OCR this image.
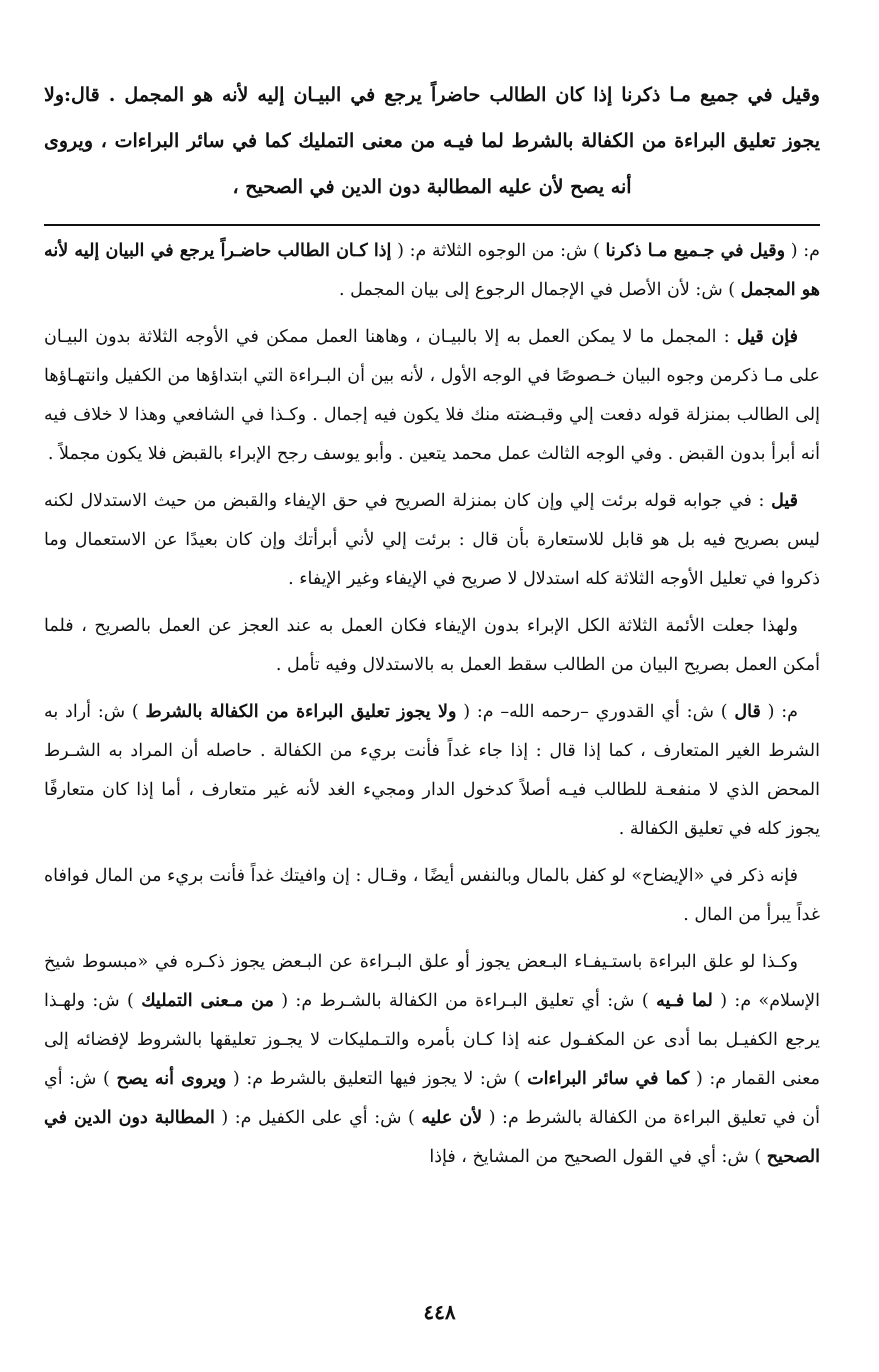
وقيل في جميع مـا ذكرنا إذا كان الطالب حاضراً يرجع في البيـان إليه لأنه هو المجمل . قال:ولا يجوز تعليق البراءة من الكفالة بالشرط لما فيـه من معنى التمليك كما في سائر البراءات ، ويروى أنه يصح لأن عليه المطالبة دون الدين في الصحيح ،

م: ( وقيل في جـميع مـا ذكرنا ) ش: من الوجوه الثلاثة م: ( إذا كـان الطالب حاضـراً يرجع في البيان إليه لأنه هو المجمل ) ش: لأن الأصل في الإجمال الرجوع إلى بيان المجمل .

فإن قيل : المجمل ما لا يمكن العمل به إلا بالبيـان ، وهاهنا العمل ممكن في الأوجه الثلاثة بدون البيـان على مـا ذكرمن وجوه البيان خـصوصًا في الوجه الأول ، لأنه بين أن البـراءة التي ابتداؤها من الكفيل وانتهـاؤها إلى الطالب بمنزلة قوله دفعت إلي وقبـضته منك فلا يكون فيه إجمال . وكـذا في الشافعي وهذا لا خلاف فيه أنه أبرأ بدون القبض . وفي الوجه الثالث عمل محمد يتعين . وأبو يوسف رجح الإبراء بالقبض فلا يكون مجملاً .

قيل : في جوابه قوله برئت إلي وإن كان بمنزلة الصريح في حق الإيفاء والقبض من حيث الاستدلال لكنه ليس بصريح فيه بل هو قابل للاستعارة بأن قال : برئت إلي لأني أبرأتك وإن كان بعيدًا عن الاستعمال وما ذكروا في تعليل الأوجه الثلاثة كله استدلال لا صريح في الإيفاء وغير الإيفاء .

ولهذا جعلت الأئمة الثلاثة الكل الإبراء بدون الإيفاء فكان العمل به عند العجز عن العمل بالصريح ، فلما أمكن العمل بصريح البيان من الطالب سقط العمل به بالاستدلال وفيه تأمل .

م: ( قال ) ش: أي القدوري –رحمه الله– م: ( ولا يجوز تعليق البراءة من الكفالة بالشرط ) ش: أراد به الشرط الغير المتعارف ، كما إذا قال : إذا جاء غداً فأنت بريء من الكفالة . حاصله أن المراد به الشـرط المحض الذي لا منفعـة للطالب فيـه أصلاً كدخول الدار ومجيء الغد لأنه غير متعارف ، أما إذا كان متعارفًا يجوز كله في تعليق الكفالة .

فإنه ذكر في «الإيضاح» لو كفل بالمال وبالنفس أيضًا ، وقـال : إن وافيتك غداً فأنت بريء من المال فوافاه غداً يبرأ من المال .

وكـذا لو علق البراءة باستـيفـاء البـعض يجوز أو علق البـراءة عن البـعض يجوز ذكـره في «مبسوط شيخ الإسلام» م: ( لما فـيه ) ش: أي تعليق البـراءة من الكفالة بالشـرط م: ( من مـعنى التمليك ) ش: ولهـذا يرجع الكفيـل بما أدى عن المكفـول عنه إذا كـان بأمره والتـمليكات لا يجـوز تعليقها بالشروط لإفضائه إلى معنى القمار م: ( كما في سائر البراءات ) ش: لا يجوز فيها التعليق بالشرط م: ( ويروى أنه يصح ) ش: أي أن في تعليق البراءة من الكفالة بالشرط م: ( لأن عليه ) ش: أي على الكفيل م: ( المطالبة دون الدين في الصحيح ) ش: أي في القول الصحيح من المشايخ ، فإذا

٤٤٨
